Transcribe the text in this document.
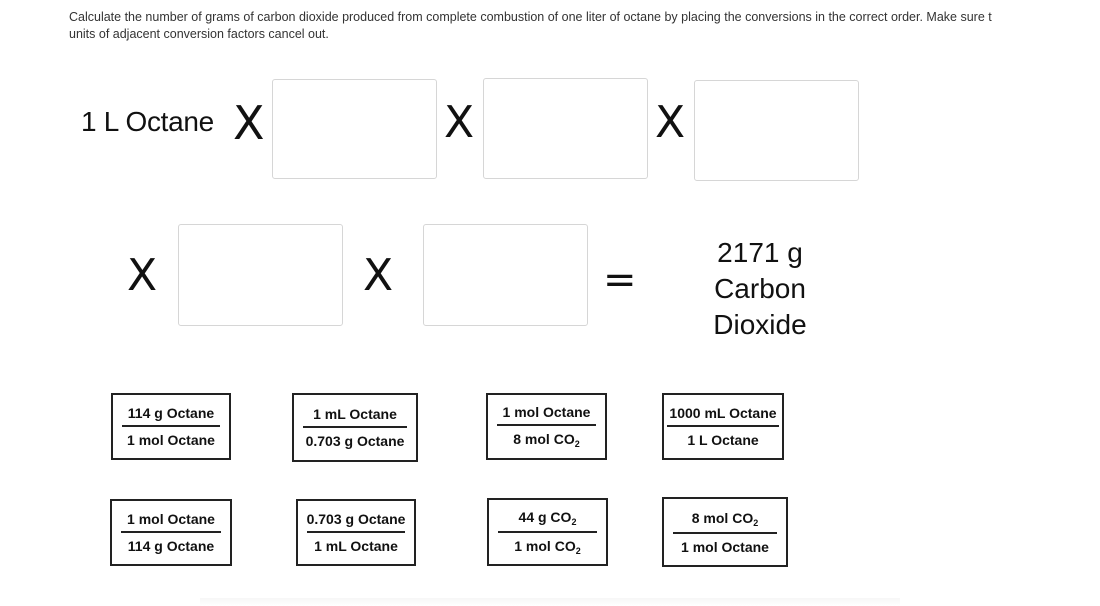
Calculate the number of grams of carbon dioxide produced from complete combustion of one liter of octane by placing the conversions in the correct order. Make sure t
units of adjacent conversion factors cancel out.
1 L Octane X	X	X
X	X	=
2171 g
Carbon
Dioxide
114 g Octane
1 mol Octane
1 mL Octane
0.703 g Octane
1 mol Octane
8 mol $CO_2$
1000 mL Octane
1 L Octane
1 mol Octane
114 g Octane
0.703 g Octane
1 mL Octane
44 g $CO_2$
1 mol $CO_2$
8 mol $CO_2$
1 mol Octane
